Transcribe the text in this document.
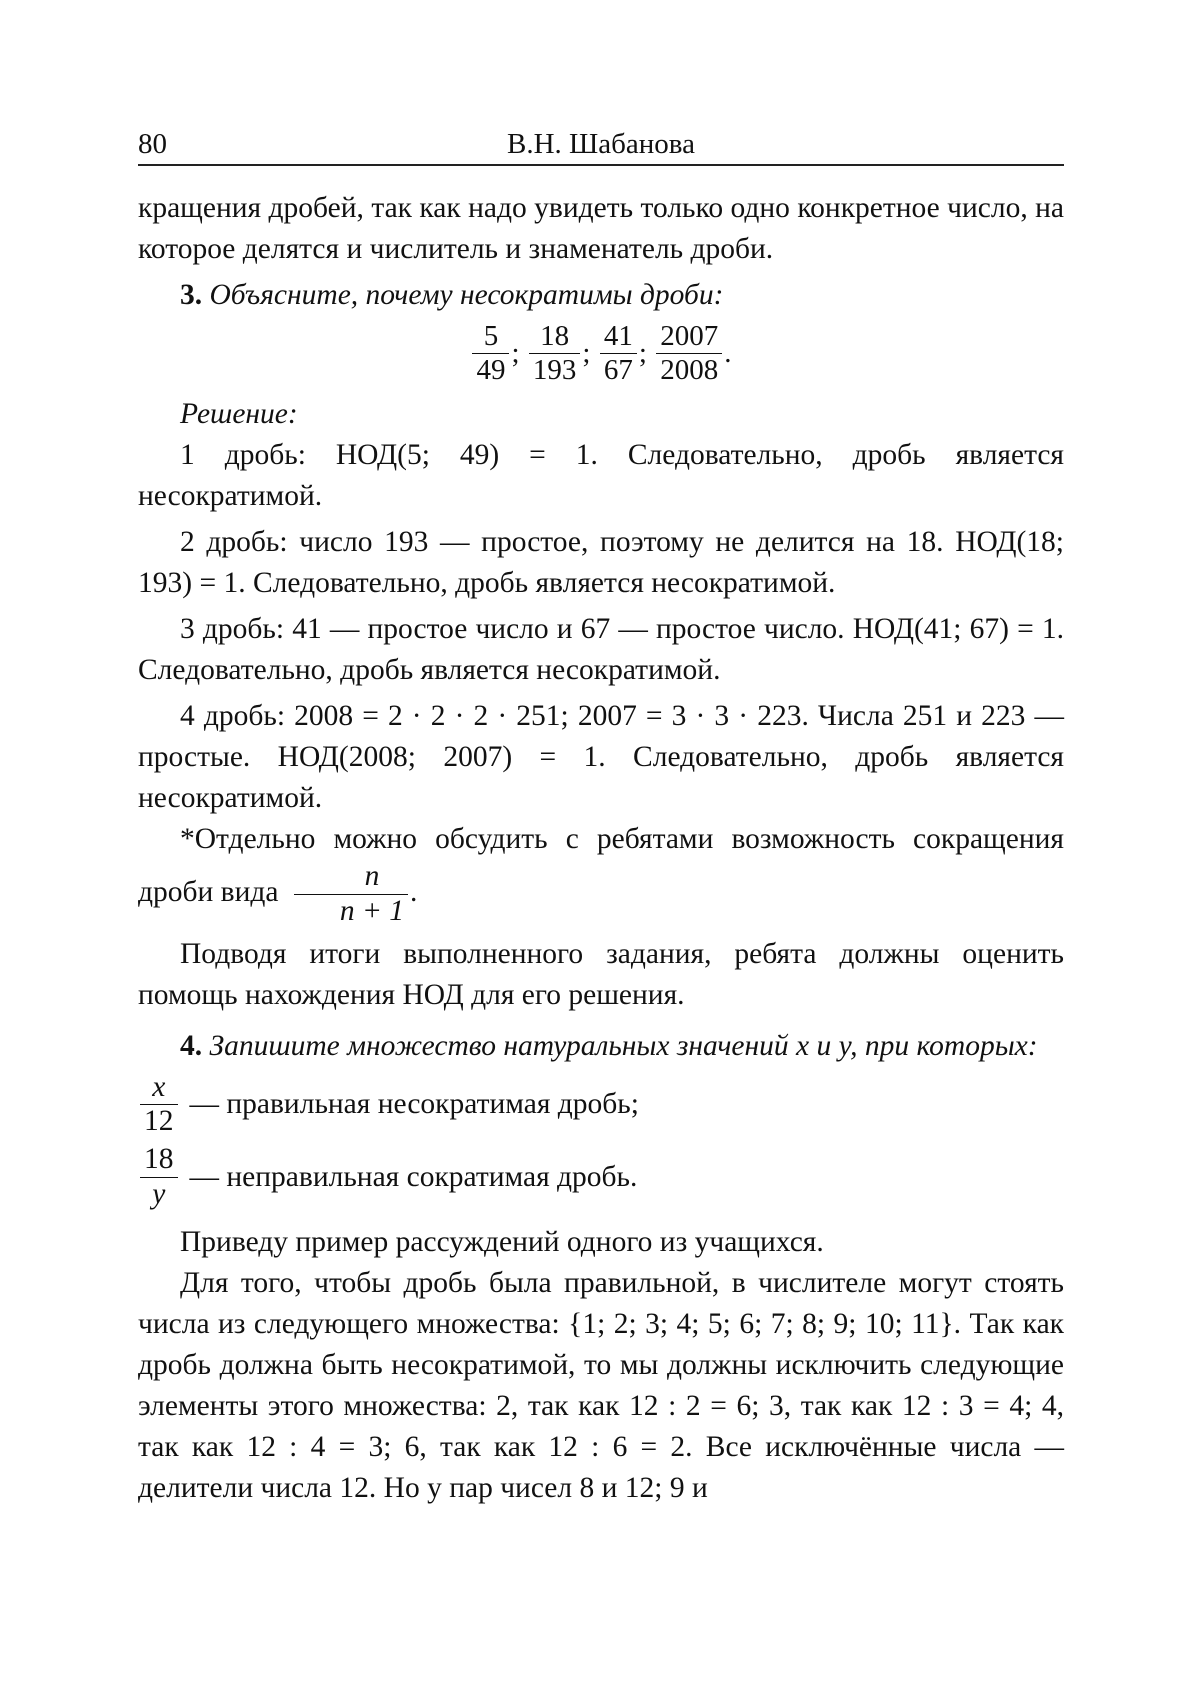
80	В.Н. Шабанова

кращения дробей, так как надо увидеть только одно конкретное число, на которое делятся и числитель и знаменатель дроби.

3. Объясните, почему несократимы дроби:

5
49
;
18
193
;
41
67
;
2007
2008
.

Решение:

1 дробь: НОД(5; 49) = 1. Следовательно, дробь является несократимой.

2 дробь: число 193 — простое, поэтому не делится на 18. НОД(18; 193) = 1. Следовательно, дробь является несократимой.

3 дробь: 41 — простое число и 67 — простое число. НОД(41; 67) = 1. Следовательно, дробь является несократимой.

4 дробь: 2008 = 2 · 2 · 2 · 251; 2007 = 3 · 3 · 223. Числа 251 и 223 — простые. НОД(2008; 2007) = 1. Следовательно, дробь является несократимой.

*Отдельно можно обсудить с ребятами возможность сокращения дроби вида
n
n + 1
.

Подводя итоги выполненного задания, ребята должны оценить помощь нахождения НОД для его решения.

4. Запишите множество натуральных значений x и y, при которых:

x
12
— правильная несократимая дробь;
18
y
— неправильная сократимая дробь.

Приведу пример рассуждений одного из учащихся.

Для того, чтобы дробь была правильной, в числителе могут стоять числа из следующего множества: {1; 2; 3; 4; 5; 6; 7; 8; 9; 10; 11}. Так как дробь должна быть несократимой, то мы должны исключить следующие элементы этого множества: 2, так как 12 : 2 = 6; 3, так как 12 : 3 = 4; 4, так как 12 : 4 = 3; 6, так как 12 : 6 = 2. Все исключённые числа — делители числа 12. Но у пар чисел 8 и 12; 9 и
